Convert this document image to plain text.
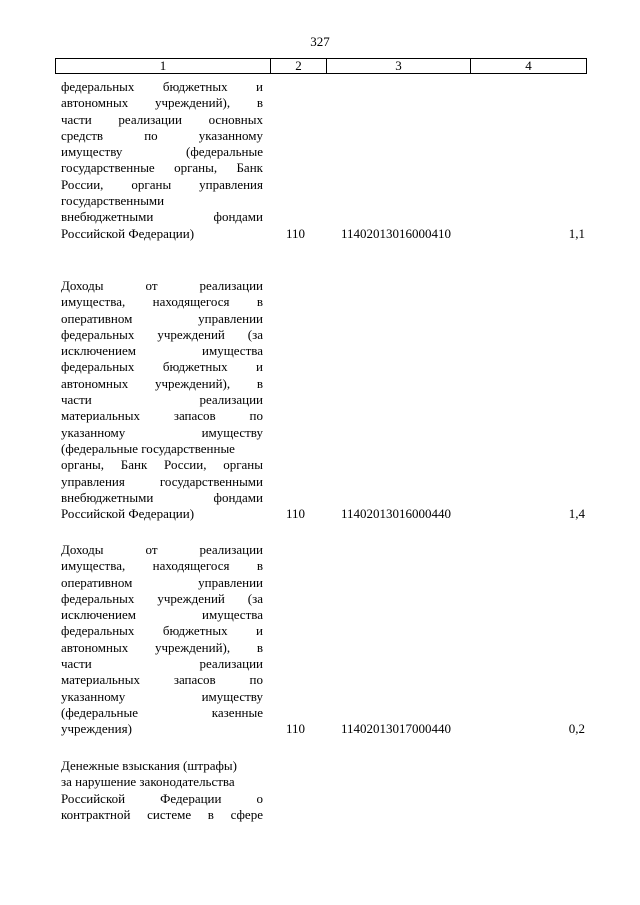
327
1	2	3	4
федеральных бюджетных и
автономных учреждений), в
части реализации основных
средств	по	указанному
имуществу	(федеральные
государственные органы, Банк
России, органы управления
государственными
внебюджетными	фондами
Российской Федерации)	110	11402013016000410	1,1
Доходы	от	реализации
имущества, находящегося в
оперативном	управлении
федеральных учреждений (за
исключением	имущества
федеральных бюджетных и
автономных учреждений), в
части	реализации
материальных	запасов	по
указанному	имуществу
(федеральные государственные
органы, Банк России, органы
управления	государственными
внебюджетными	фондами
Российской Федерации)	110	11402013016000440	1,4
Доходы	от	реализации
имущества, находящегося в
оперативном	управлении
федеральных учреждений (за
исключением	имущества
федеральных бюджетных и
автономных учреждений), в
части	реализации
материальных	запасов	по
указанному	имуществу
(федеральные	казенные
учреждения)	110	11402013017000440	0,2
Денежные взыскания (штрафы)
за нарушение законодательства
Российской	Федерации	о
контрактной системе в сфере
